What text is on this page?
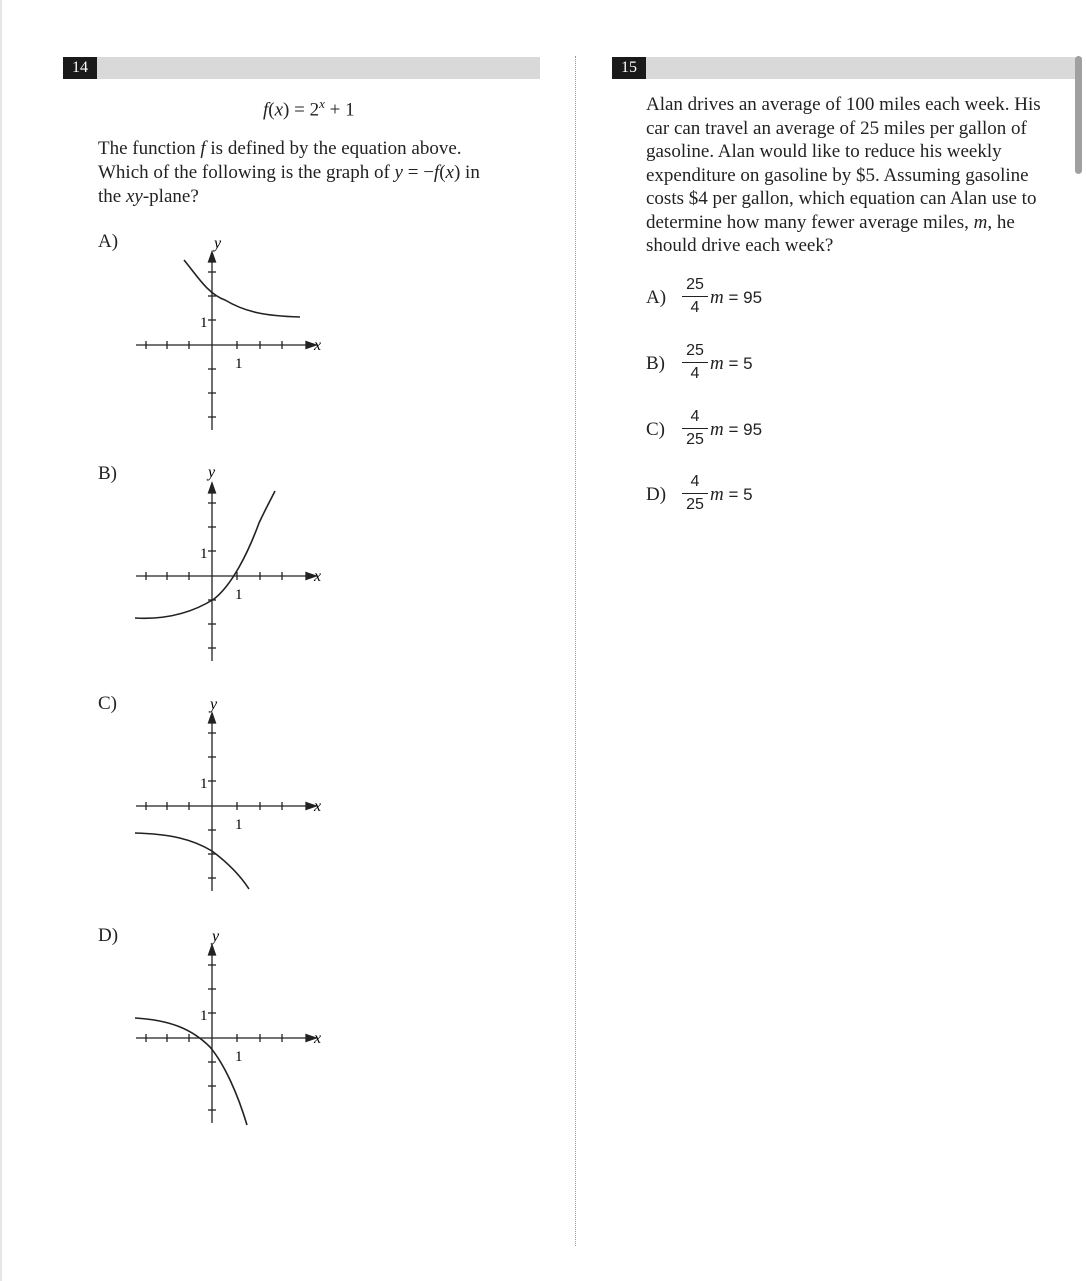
14	15
$f(x) = 2^x + 1$
The function f is defined by the equation above.
Which of the following is the graph of y = −f(x) in
the xy-plane?
A)
B)
C)
D)
y
x
1
1
y
x
1
1
y
x
1
1
y
x
1
1
Alan drives an average of 100 miles each week. His
car can travel an average of 25 miles per gallon of
gasoline. Alan would like to reduce his weekly
expenditure on gasoline by $5. Assuming gasoline
costs $4 per gallon, which equation can Alan use to
determine how many fewer average miles, m, he
should drive each week?
A)
25
4 m = 95
B)
25
4 m = 5
C)
4
25 m = 95
D)
4
25 m = 5
